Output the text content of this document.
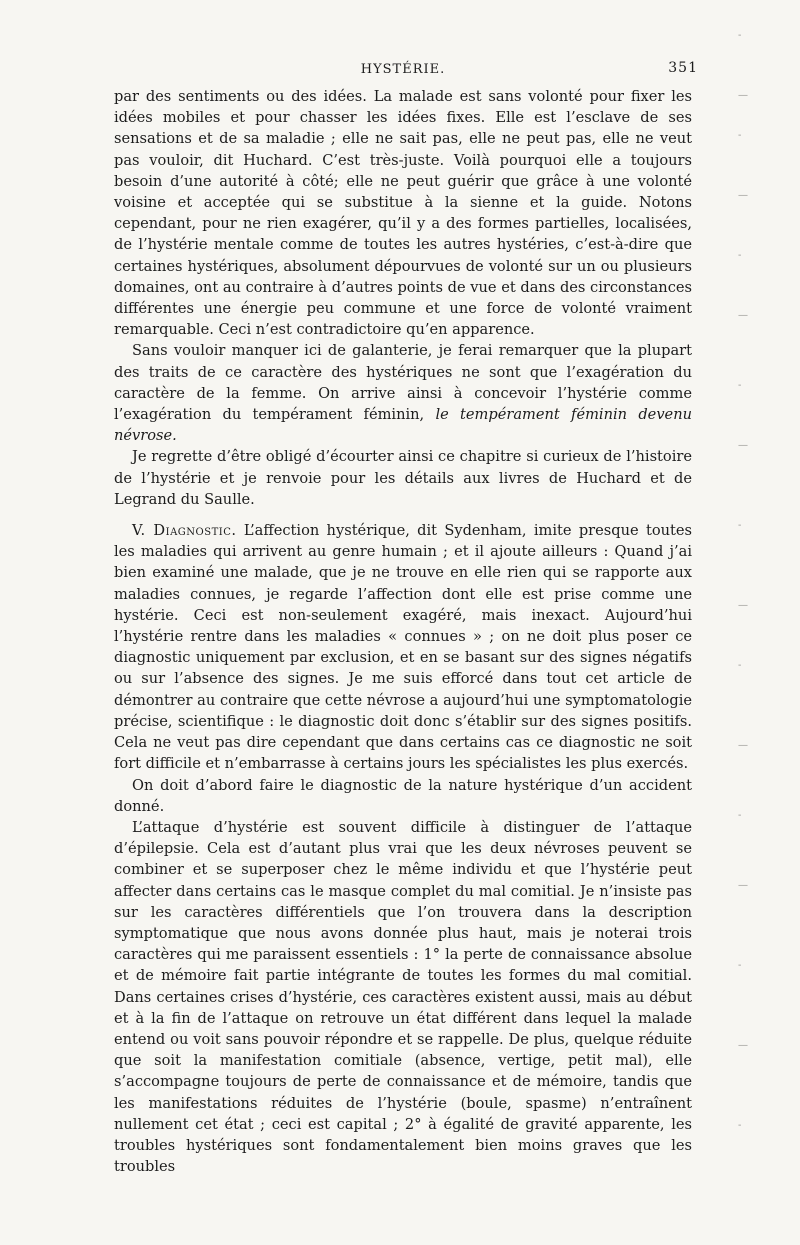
HYSTÉRIE.	351

par des sentiments ou des idées. La malade est sans volonté pour fixer les idées mobiles et pour chasser les idées fixes. Elle est l’esclave de ses sensations et de sa maladie ; elle ne sait pas, elle ne peut pas, elle ne veut pas vouloir, dit Huchard. C’est très-juste. Voilà pourquoi elle a toujours besoin d’une autorité à côté; elle ne peut guérir que grâce à une volonté voisine et acceptée qui se substitue à la sienne et la guide. Notons cependant, pour ne rien exagérer, qu’il y a des formes partielles, localisées, de l’hystérie mentale comme de toutes les autres hystéries, c’est-à-dire que certaines hystériques, absolument dépourvues de volonté sur un ou plusieurs domaines, ont au contraire à d’autres points de vue et dans des circonstances différentes une énergie peu commune et une force de volonté vraiment remarquable. Ceci n’est contradictoire qu’en apparence.

Sans vouloir manquer ici de galanterie, je ferai remarquer que la plupart des traits de ce caractère des hystériques ne sont que l’exagération du caractère de la femme. On arrive ainsi à concevoir l’hystérie comme l’exagération du tempérament féminin, le tempérament féminin devenu névrose.

Je regrette d’être obligé d’écourter ainsi ce chapitre si curieux de l’histoire de l’hystérie et je renvoie pour les détails aux livres de Huchard et de Legrand du Saulle.

V. Diagnostic. L’affection hystérique, dit Sydenham, imite presque toutes les maladies qui arrivent au genre humain ; et il ajoute ailleurs : Quand j’ai bien examiné une malade, que je ne trouve en elle rien qui se rapporte aux maladies connues, je regarde l’affection dont elle est prise comme une hystérie. Ceci est non-seulement exagéré, mais inexact. Aujourd’hui l’hystérie rentre dans les maladies « connues » ; on ne doit plus poser ce diagnostic uniquement par exclusion, et en se basant sur des signes négatifs ou sur l’absence des signes. Je me suis efforcé dans tout cet article de démontrer au contraire que cette névrose a aujourd’hui une symptomatologie précise, scientifique : le diagnostic doit donc s’établir sur des signes positifs. Cela ne veut pas dire cependant que dans certains cas ce diagnostic ne soit fort difficile et n’embarrasse à certains jours les spécialistes les plus exercés.

On doit d’abord faire le diagnostic de la nature hystérique d’un accident donné.

L’attaque d’hystérie est souvent difficile à distinguer de l’attaque d’épilepsie. Cela est d’autant plus vrai que les deux névroses peuvent se combiner et se superposer chez le même individu et que l’hystérie peut affecter dans certains cas le masque complet du mal comitial. Je n’insiste pas sur les caractères différentiels que l’on trouvera dans la description symptomatique que nous avons donnée plus haut, mais je noterai trois caractères qui me paraissent essentiels : 1° la perte de connaissance absolue et de mémoire fait partie intégrante de toutes les formes du mal comitial. Dans certaines crises d’hystérie, ces caractères existent aussi, mais au début et à la fin de l’attaque on retrouve un état différent dans lequel la malade entend ou voit sans pouvoir répondre et se rappelle. De plus, quelque réduite que soit la manifestation comitiale (absence, vertige, petit mal), elle s’accompagne toujours de perte de connaissance et de mémoire, tandis que les manifestations réduites de l’hystérie (boule, spasme) n’entraînent nullement cet état ; ceci est capital ; 2° à égalité de gravité apparente, les troubles hystériques sont fondamentalement bien moins graves que les troubles

-
—
-
—
-
—
-
—
-
—
-
—
-
—
-
—
-
